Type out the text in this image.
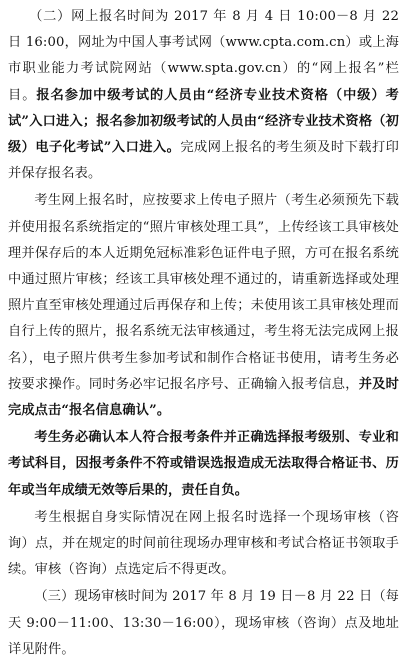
（二）网上报名时间为 2017 年 8 月 4 日 10:00－8 月 22 日 16:00，网址为中国人事考试网（www.cpta.com.cn）或上海市职业能力考试院网站（www.spta.gov.cn）的“网上报名”栏目。报名参加中级考试的人员由“经济专业技术资格（中级）考试”入口进入；报名参加初级考试的人员由“经济专业技术资格（初级）电子化考试”入口进入。完成网上报名的考生须及时下载打印并保存报名表。

考生网上报名时，应按要求上传电子照片（考生必须预先下载并使用报名系统指定的“照片审核处理工具”，上传经该工具审核处理并保存后的本人近期免冠标准彩色证件电子照，方可在报名系统中通过照片审核；经该工具审核处理不通过的，请重新选择或处理照片直至审核处理通过后再保存和上传；未使用该工具审核处理而自行上传的照片，报名系统无法审核通过，考生将无法完成网上报名），电子照片供考生参加考试和制作合格证书使用，请考生务必按要求操作。同时务必牢记报名序号、正确输入报考信息，并及时完成点击“报名信息确认”。

考生务必确认本人符合报考条件并正确选择报考级别、专业和考试科目，因报考条件不符或错误选报造成无法取得合格证书、历年或当年成绩无效等后果的，责任自负。

考生根据自身实际情况在网上报名时选择一个现场审核（咨询）点，并在规定的时间前往现场办理审核和考试合格证书领取手续。审核（咨询）点选定后不得更改。

（三）现场审核时间为 2017 年 8 月 19 日－8 月 22 日（每天 9:00－11:00、13:30－16:00），现场审核（咨询）点及地址详见附件。
